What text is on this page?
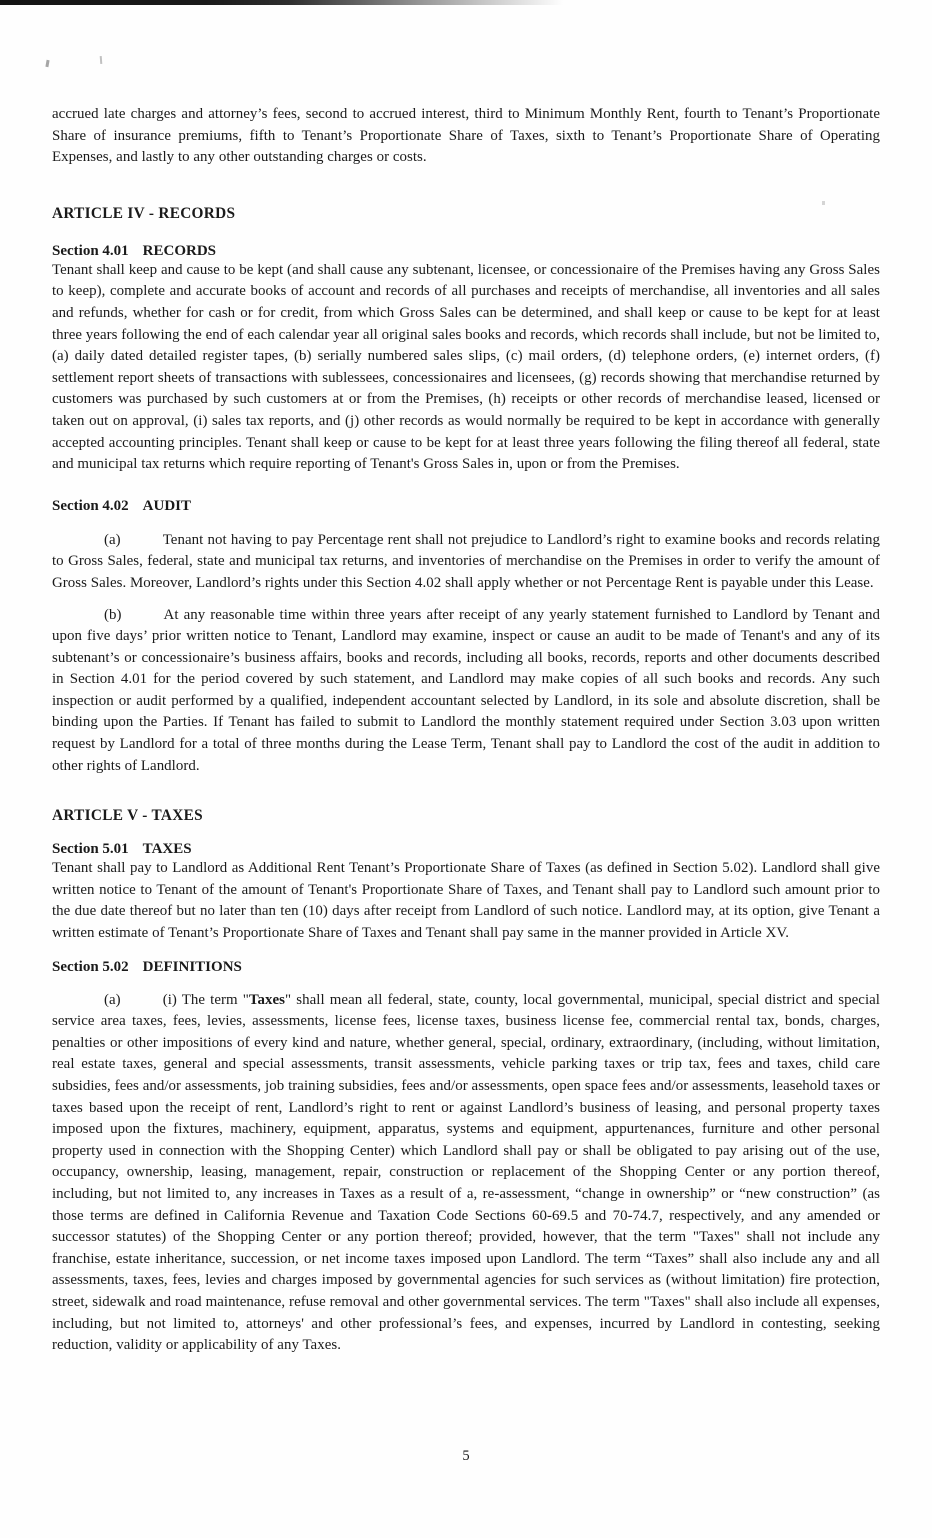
accrued late charges and attorney’s fees, second to accrued interest, third to Minimum Monthly Rent, fourth to Tenant’s Proportionate Share of insurance premiums, fifth to Tenant’s Proportionate Share of Taxes, sixth to Tenant’s Proportionate Share of Operating Expenses, and lastly to any other outstanding charges or costs.

ARTICLE IV - RECORDS
Section 4.01 RECORDS

Tenant shall keep and cause to be kept (and shall cause any subtenant, licensee, or concessionaire of the Premises having any Gross Sales to keep), complete and accurate books of account and records of all purchases and receipts of merchandise, all inventories and all sales and refunds, whether for cash or for credit, from which Gross Sales can be determined, and shall keep or cause to be kept for at least three years following the end of each calendar year all original sales books and records, which records shall include, but not be limited to, (a) daily dated detailed register tapes, (b) serially numbered sales slips, (c) mail orders, (d) telephone orders, (e) internet orders, (f) settlement report sheets of transactions with sublessees, concessionaires and licensees, (g) records showing that merchandise returned by customers was purchased by such customers at or from the Premises, (h) receipts or other records of merchandise leased, licensed or taken out on approval, (i) sales tax reports, and (j) other records as would normally be required to be kept in accordance with generally accepted accounting principles. Tenant shall keep or cause to be kept for at least three years following the filing thereof all federal, state and municipal tax returns which require reporting of Tenant's Gross Sales in, upon or from the Premises.

Section 4.02 AUDIT

(a)	Tenant not having to pay Percentage rent shall not prejudice to Landlord’s right to examine books and records relating to Gross Sales, federal, state and municipal tax returns, and inventories of merchandise on the Premises in order to verify the amount of Gross Sales. Moreover, Landlord’s rights under this Section 4.02 shall apply whether or not Percentage Rent is payable under this Lease.

(b)	At any reasonable time within three years after receipt of any yearly statement furnished to Landlord by Tenant and upon five days’ prior written notice to Tenant, Landlord may examine, inspect or cause an audit to be made of Tenant's and any of its subtenant’s or concessionaire’s business affairs, books and records, including all books, records, reports and other documents described in Section 4.01 for the period covered by such statement, and Landlord may make copies of all such books and records. Any such inspection or audit performed by a qualified, independent accountant selected by Landlord, in its sole and absolute discretion, shall be binding upon the Parties. If Tenant has failed to submit to Landlord the monthly statement required under Section 3.03 upon written request by Landlord for a total of three months during the Lease Term, Tenant shall pay to Landlord the cost of the audit in addition to other rights of Landlord.

ARTICLE V - TAXES
Section 5.01 TAXES

Tenant shall pay to Landlord as Additional Rent Tenant’s Proportionate Share of Taxes (as defined in Section 5.02). Landlord shall give written notice to Tenant of the amount of Tenant's Proportionate Share of Taxes, and Tenant shall pay to Landlord such amount prior to the due date thereof but no later than ten (10) days after receipt from Landlord of such notice. Landlord may, at its option, give Tenant a written estimate of Tenant’s Proportionate Share of Taxes and Tenant shall pay same in the manner provided in Article XV.

Section 5.02 DEFINITIONS

(a)	(i) The term "Taxes" shall mean all federal, state, county, local governmental, municipal, special district and special service area taxes, fees, levies, assessments, license fees, license taxes, business license fee, commercial rental tax, bonds, charges, penalties or other impositions of every kind and nature, whether general, special, ordinary, extraordinary, (including, without limitation, real estate taxes, general and special assessments, transit assessments, vehicle parking taxes or trip tax, fees and taxes, child care subsidies, fees and/or assessments, job training subsidies, fees and/or assessments, open space fees and/or assessments, leasehold taxes or taxes based upon the receipt of rent, Landlord’s right to rent or against Landlord’s business of leasing, and personal property taxes imposed upon the fixtures, machinery, equipment, apparatus, systems and equipment, appurtenances, furniture and other personal property used in connection with the Shopping Center) which Landlord shall pay or shall be obligated to pay arising out of the use, occupancy, ownership, leasing, management, repair, construction or replacement of the Shopping Center or any portion thereof, including, but not limited to, any increases in Taxes as a result of a, re-assessment, “change in ownership” or “new construction” (as those terms are defined in California Revenue and Taxation Code Sections 60-69.5 and 70-74.7, respectively, and any amended or successor statutes) of the Shopping Center or any portion thereof; provided, however, that the term "Taxes" shall not include any franchise, estate inheritance, succession, or net income taxes imposed upon Landlord. The term “Taxes” shall also include any and all assessments, taxes, fees, levies and charges imposed by governmental agencies for such services as (without limitation) fire protection, street, sidewalk and road maintenance, refuse removal and other governmental services. The term "Taxes" shall also include all expenses, including, but not limited to, attorneys' and other professional’s fees, and expenses, incurred by Landlord in contesting, seeking reduction, validity or applicability of any Taxes.

5
